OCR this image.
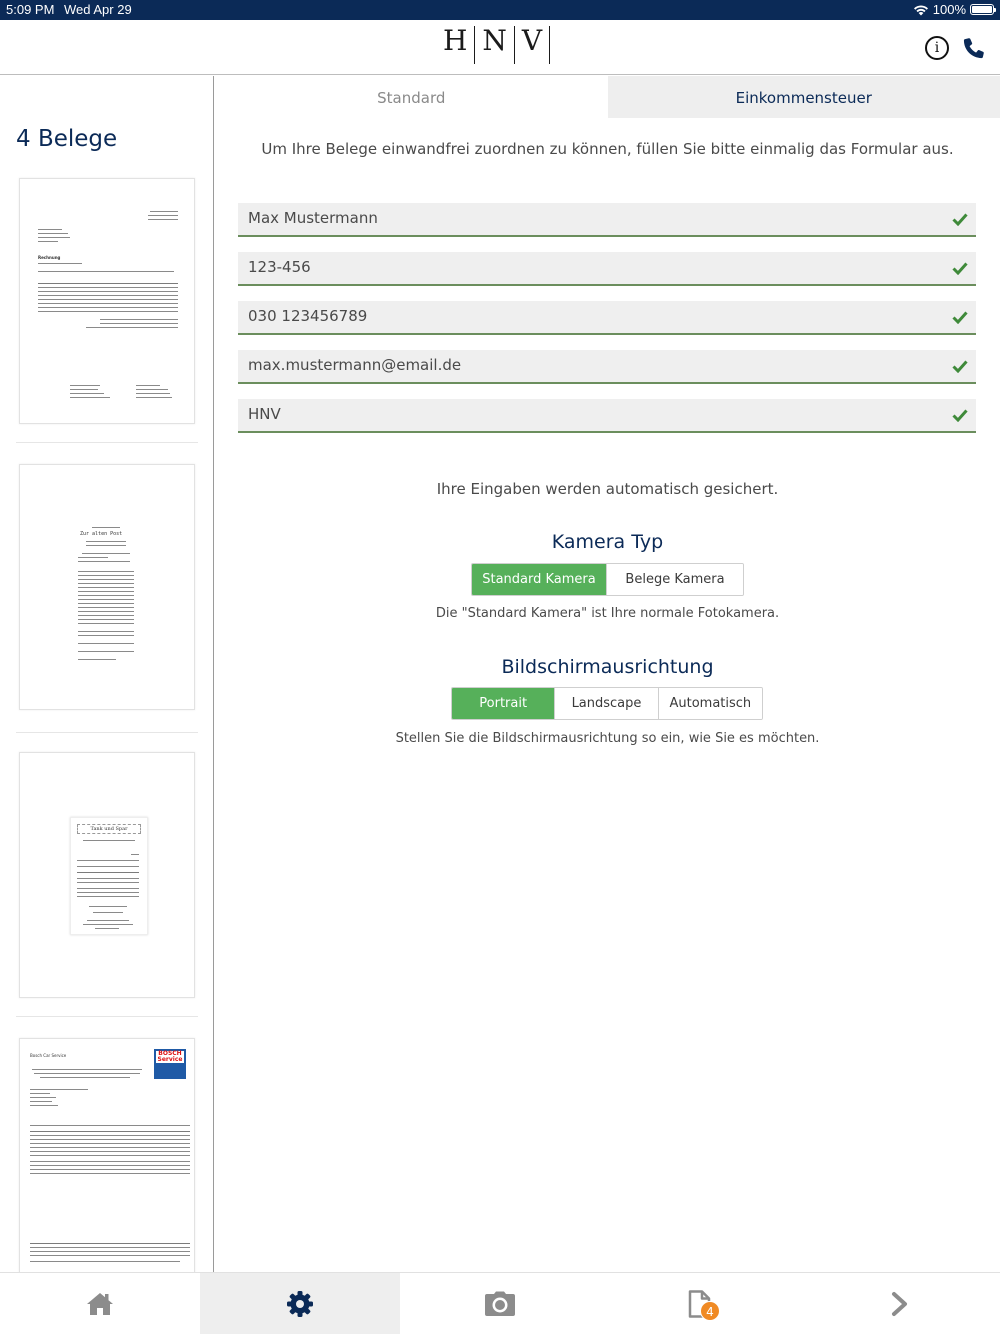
5:09 PM Wed Apr 29	100%
H N V	i
4 Belege
Rechnung
Zur alten Post
Tank und Spar
Bosch Car Service	BOSCH Service
Standard	Einkommensteuer
Um Ihre Belege einwandfrei zuordnen zu können, füllen Sie bitte einmalig das Formular aus.
Max Mustermann
123-456
030 123456789
max.mustermann@email.de
HNV
Ihre Eingaben werden automatisch gesichert.
Kamera Typ
Standard Kamera	Belege Kamera
Die "Standard Kamera" ist Ihre normale Fotokamera.
Bildschirmausrichtung
Portrait	Landscape	Automatisch
Stellen Sie die Bildschirmausrichtung so ein, wie Sie es möchten.
4
